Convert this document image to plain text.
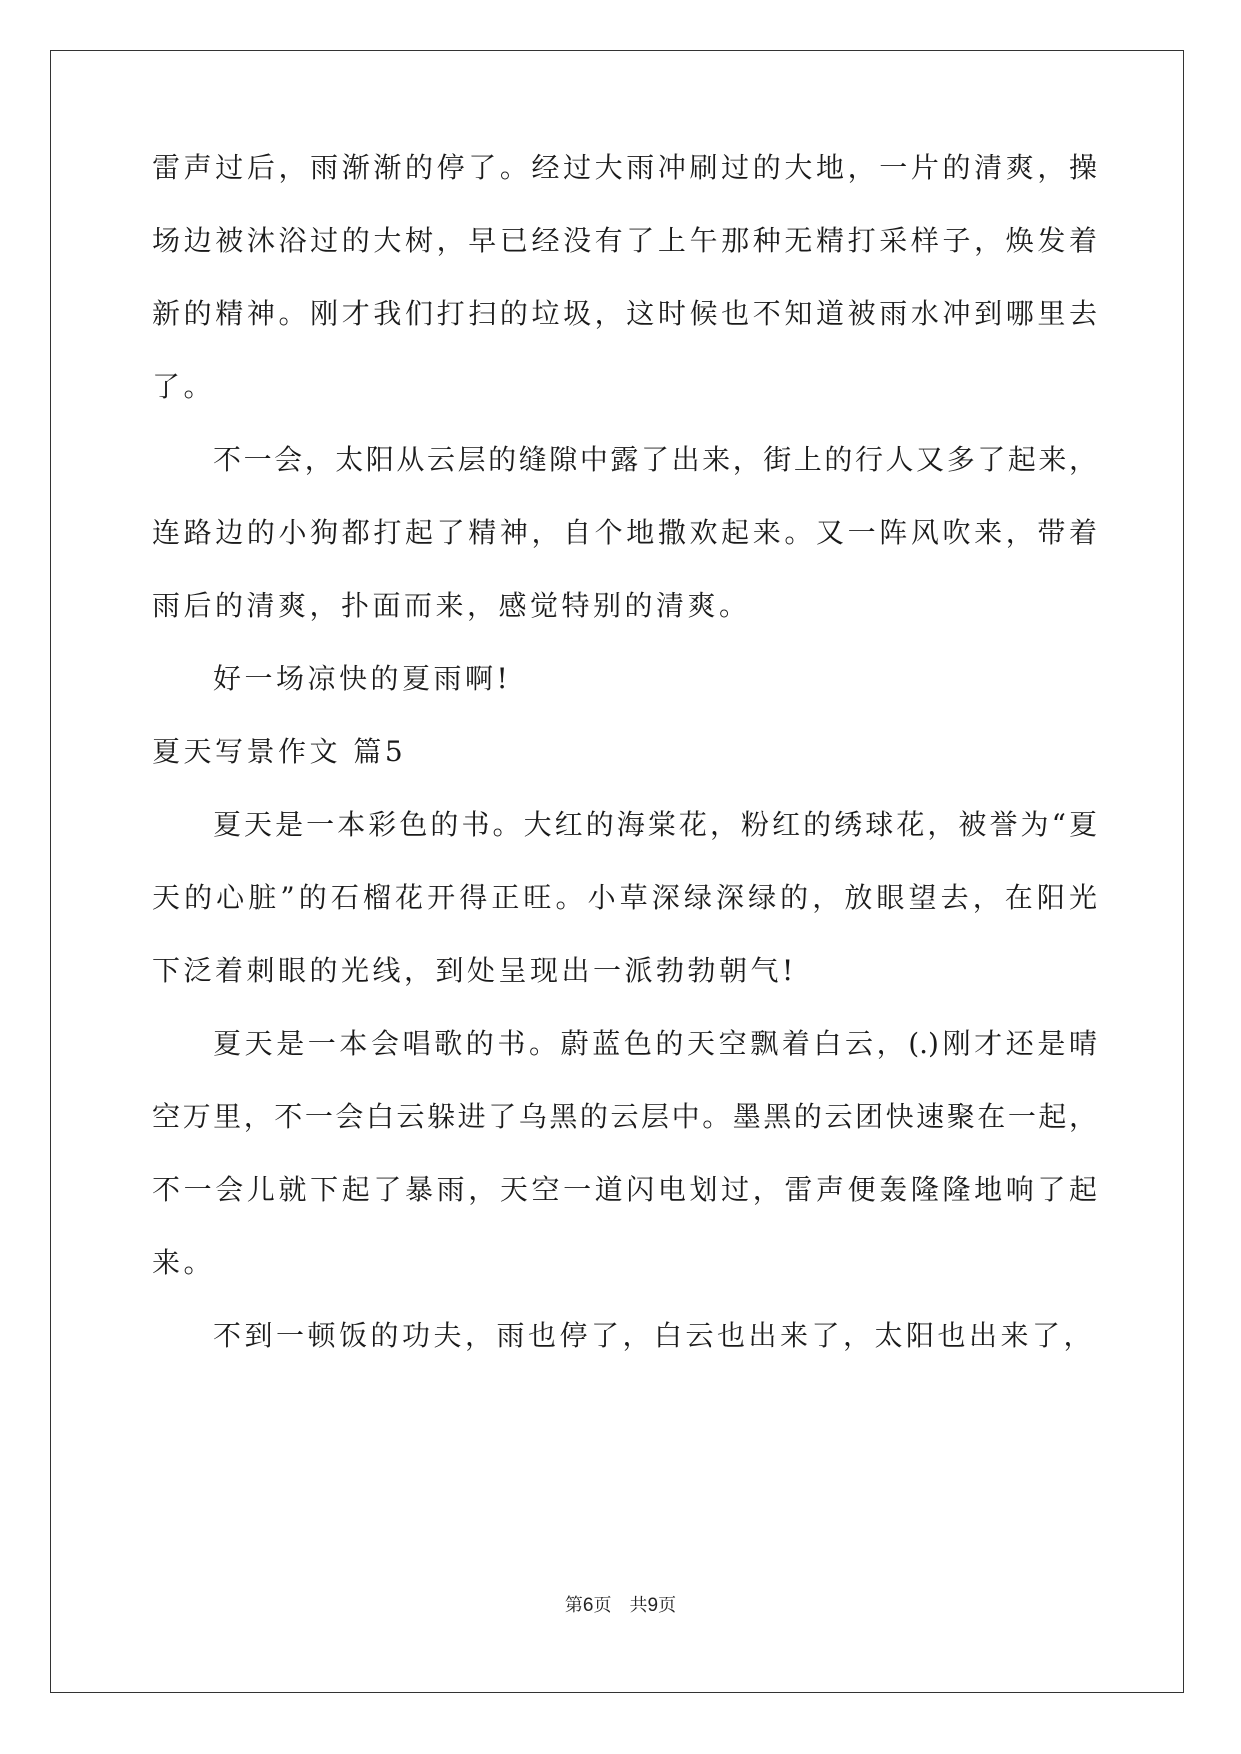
雷声过后，雨渐渐的停了。经过大雨冲刷过的大地，一片的清爽，操
场边被沐浴过的大树，早已经没有了上午那种无精打采样子，焕发着
新的精神。刚才我们打扫的垃圾，这时候也不知道被雨水冲到哪里去
了。
不一会，太阳从云层的缝隙中露了出来，街上的行人又多了起来，
连路边的小狗都打起了精神，自个地撒欢起来。又一阵风吹来，带着
雨后的清爽，扑面而来，感觉特别的清爽。
好一场凉快的夏雨啊!
夏天写景作文 篇5
夏天是一本彩色的书。大红的海棠花，粉红的绣球花，被誉为“夏
天的心脏”的石榴花开得正旺。小草深绿深绿的，放眼望去，在阳光
下泛着刺眼的光线，到处呈现出一派勃勃朝气!
夏天是一本会唱歌的书。蔚蓝色的天空飘着白云，(.)刚才还是晴
空万里，不一会白云躲进了乌黑的云层中。墨黑的云团快速聚在一起，
不一会儿就下起了暴雨，天空一道闪电划过，雷声便轰隆隆地响了起
来。
不到一顿饭的功夫，雨也停了，白云也出来了，太阳也出来了，
第6页　共9页
